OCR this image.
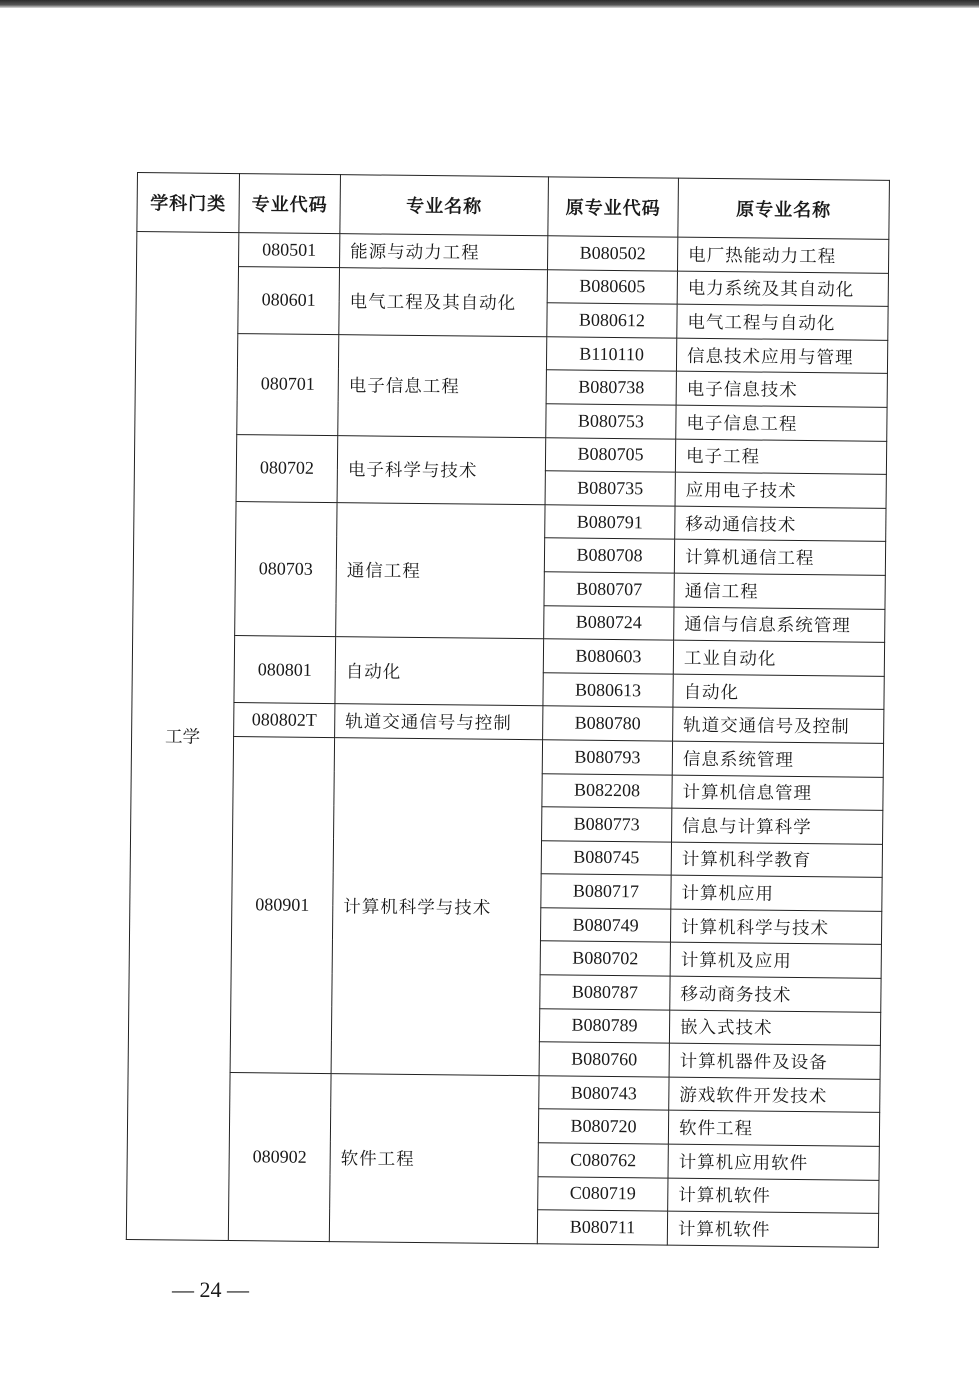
学科门类	专业代码	专业名称	原专业代码	原专业名称
工学	080501	能源与动力工程	B080502	电厂热能动力工程
	080601	电气工程及其自动化	B080605	电力系统及其自动化
			B080612	电气工程与自动化
	080701	电子信息工程	B110110	信息技术应用与管理
			B080738	电子信息技术
			B080753	电子信息工程
	080702	电子科学与技术	B080705	电子工程
			B080735	应用电子技术
	080703	通信工程	B080791	移动通信技术
			B080708	计算机通信工程
			B080707	通信工程
			B080724	通信与信息系统管理
	080801	自动化	B080603	工业自动化
			B080613	自动化
	080802T	轨道交通信号与控制	B080780	轨道交通信号及控制
	080901	计算机科学与技术	B080793	信息系统管理
			B082208	计算机信息管理
			B080773	信息与计算科学
			B080745	计算机科学教育
			B080717	计算机应用
			B080749	计算机科学与技术
			B080702	计算机及应用
			B080787	移动商务技术
			B080789	嵌入式技术
			B080760	计算机器件及设备
	080902	软件工程	B080743	游戏软件开发技术
			B080720	软件工程
			C080762	计算机应用软件
			C080719	计算机软件
			B080711	计算机软件
— 24 —
